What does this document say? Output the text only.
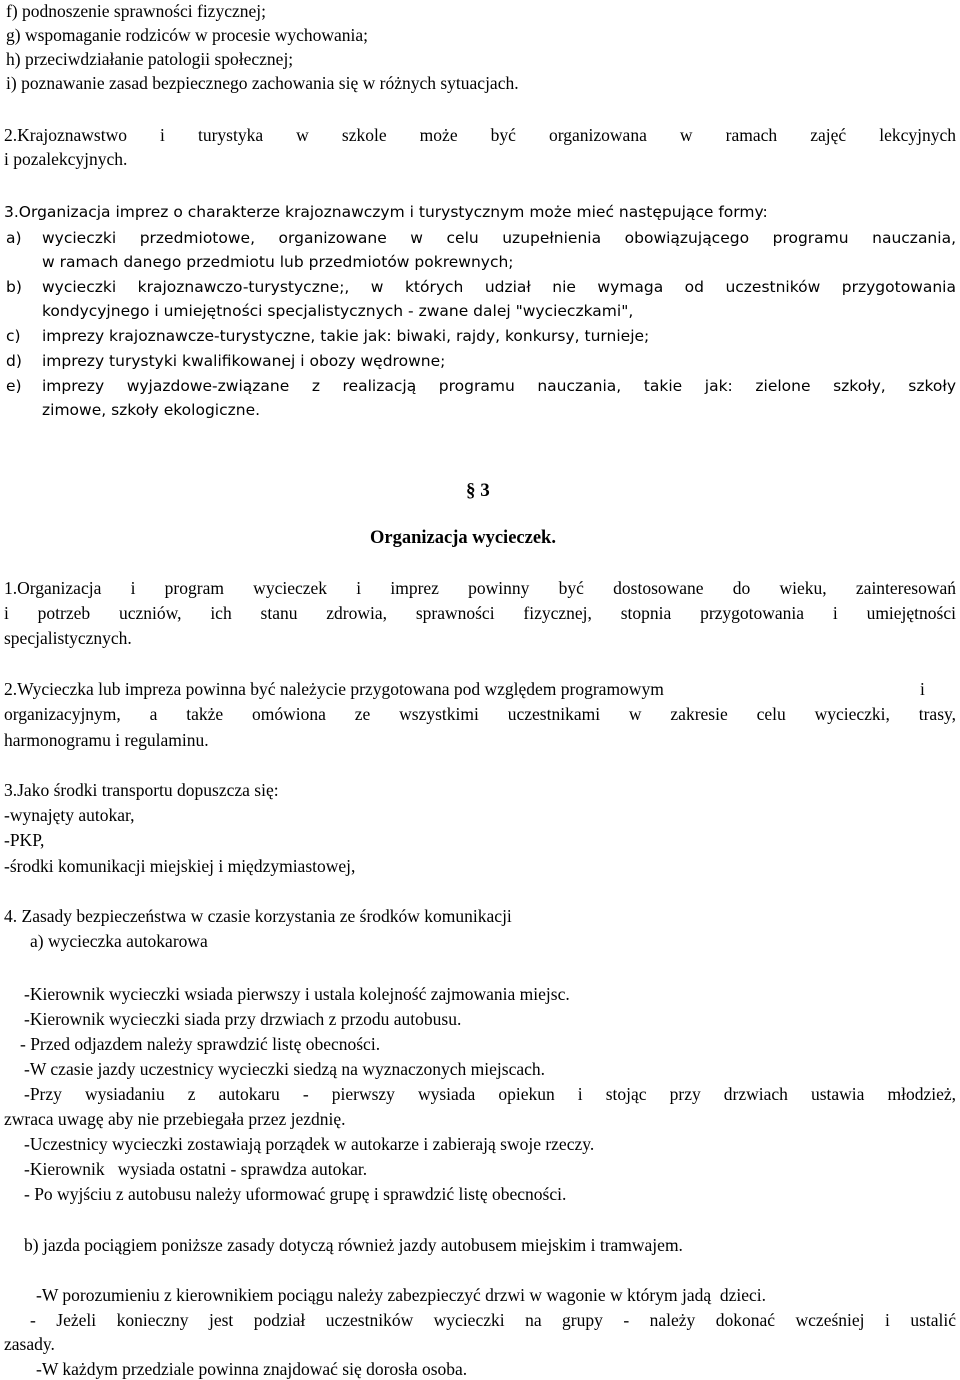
f) podnoszenie sprawności fizycznej;
g) wspomaganie rodziców w procesie wychowania;
h) przeciwdziałanie patologii społecznej;
i) poznawanie zasad bezpiecznego zachowania się w różnych sytuacjach.
2.Krajoznawstwo i turystyka w szkole może być organizowana w ramach zajęć lekcyjnych
i pozalekcyjnych.
3.Organizacja imprez o charakterze krajoznawczym i turystycznym może mieć następujące formy:
a) wycieczki przedmiotowe, organizowane w celu uzupełnienia obowiązującego programu nauczania,
w ramach danego przedmiotu lub przedmiotów pokrewnych;
b) wycieczki krajoznawczo-turystyczne;, w których udział nie wymaga od uczestników przygotowania
kondycyjnego i umiejętności specjalistycznych - zwane dalej "wycieczkami",
c) imprezy krajoznawcze-turystyczne, takie jak: biwaki, rajdy, konkursy, turnieje;
d) imprezy turystyki kwalifikowanej i obozy wędrowne;
e) imprezy wyjazdowe-związane z realizacją programu nauczania, takie jak: zielone szkoły, szkoły
zimowe, szkoły ekologiczne.
§ 3
Organizacja wycieczek.
1.Organizacja i program wycieczek i imprez powinny być dostosowane do wieku, zainteresowań
i potrzeb uczniów, ich stanu zdrowia, sprawności fizycznej, stopnia przygotowania i umiejętności
specjalistycznych.
2.Wycieczka lub impreza powinna być należycie przygotowana pod względem programowym	i
organizacyjnym, a także omówiona ze wszystkimi uczestnikami w zakresie celu wycieczki, trasy,
harmonogramu i regulaminu.
3.Jako środki transportu dopuszcza się:
-wynajęty autokar,
-PKP,
-środki komunikacji miejskiej i międzymiastowej,
4. Zasady bezpieczeństwa w czasie korzystania ze środków komunikacji
a) wycieczka autokarowa
-Kierownik wycieczki wsiada pierwszy i ustala kolejność zajmowania miejsc.
-Kierownik wycieczki siada przy drzwiach z przodu autobusu.
- Przed odjazdem należy sprawdzić listę obecności.
-W czasie jazdy uczestnicy wycieczki siedzą na wyznaczonych miejscach.
-Przy wysiadaniu z autokaru - pierwszy wysiada opiekun i stojąc przy drzwiach ustawia młodzież,
zwraca uwagę aby nie przebiegała przez jezdnię.
-Uczestnicy wycieczki zostawiają porządek w autokarze i zabierają swoje rzeczy.
-Kierownik   wysiada ostatni - sprawdza autokar.
- Po wyjściu z autobusu należy uformować grupę i sprawdzić listę obecności.
b) jazda pociągiem poniższe zasady dotyczą również jazdy autobusem miejskim i tramwajem.
-W porozumieniu z kierownikiem pociągu należy zabezpieczyć drzwi w wagonie w którym jadą  dzieci.
- Jeżeli konieczny jest podział uczestników wycieczki na grupy - należy dokonać wcześniej i ustalić
zasady.
-W każdym przedziale powinna znajdować się dorosła osoba.
